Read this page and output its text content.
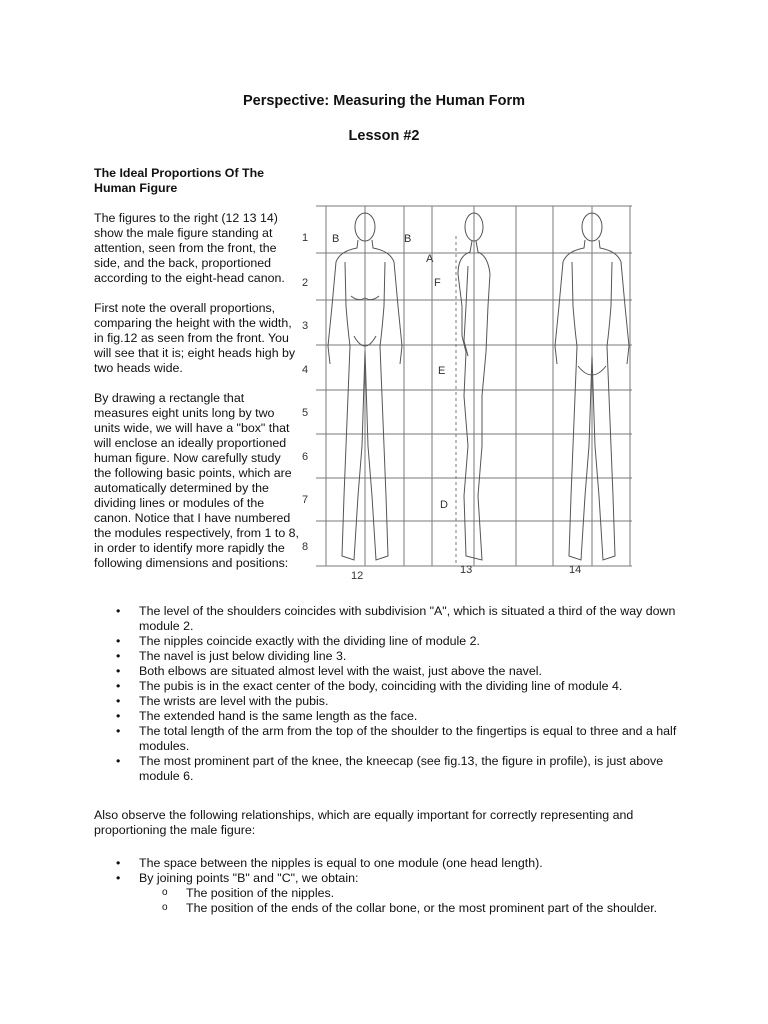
Perspective: Measuring the Human Form
Lesson #2
The Ideal Proportions Of The Human Figure

The figures to the right (12 13 14) show the male figure standing at attention, seen from the front, the side, and the back, proportioned according to the eight-head canon.

First note the overall proportions, comparing the height with the width, in fig.12 as seen from the front. You will see that it is; eight heads high by two heads wide.

By drawing a rectangle that measures eight units long by two units wide, we will have a "box" that will enclose an ideally proportioned human figure. Now carefully study the following basic points, which are automatically determined by the dividing lines or modules of the canon. Notice that I have numbered the modules respectively, from 1 to 8, in order to identify more rapidly the following dimensions and positions:

1
2
3
4
5
6
7
8
B	B
A
F
E
D
12	13	14
• The level of the shoulders coincides with subdivision "A", which is situated a third of the way down module 2.
• The nipples coincide exactly with the dividing line of module 2.
• The navel is just below dividing line 3.
• Both elbows are situated almost level with the waist, just above the navel.
• The pubis is in the exact center of the body, coinciding with the dividing line of module 4.
• The wrists are level with the pubis.
• The extended hand is the same length as the face.
• The total length of the arm from the top of the shoulder to the fingertips is equal to three and a half modules.
• The most prominent part of the knee, the kneecap (see fig.13, the figure in profile), is just above module 6.

Also observe the following relationships, which are equally important for correctly representing and proportioning the male figure:

• The space between the nipples is equal to one module (one head length).
• By joining points "B" and "C", we obtain:
o The position of the nipples.
o The position of the ends of the collar bone, or the most prominent part of the shoulder.
